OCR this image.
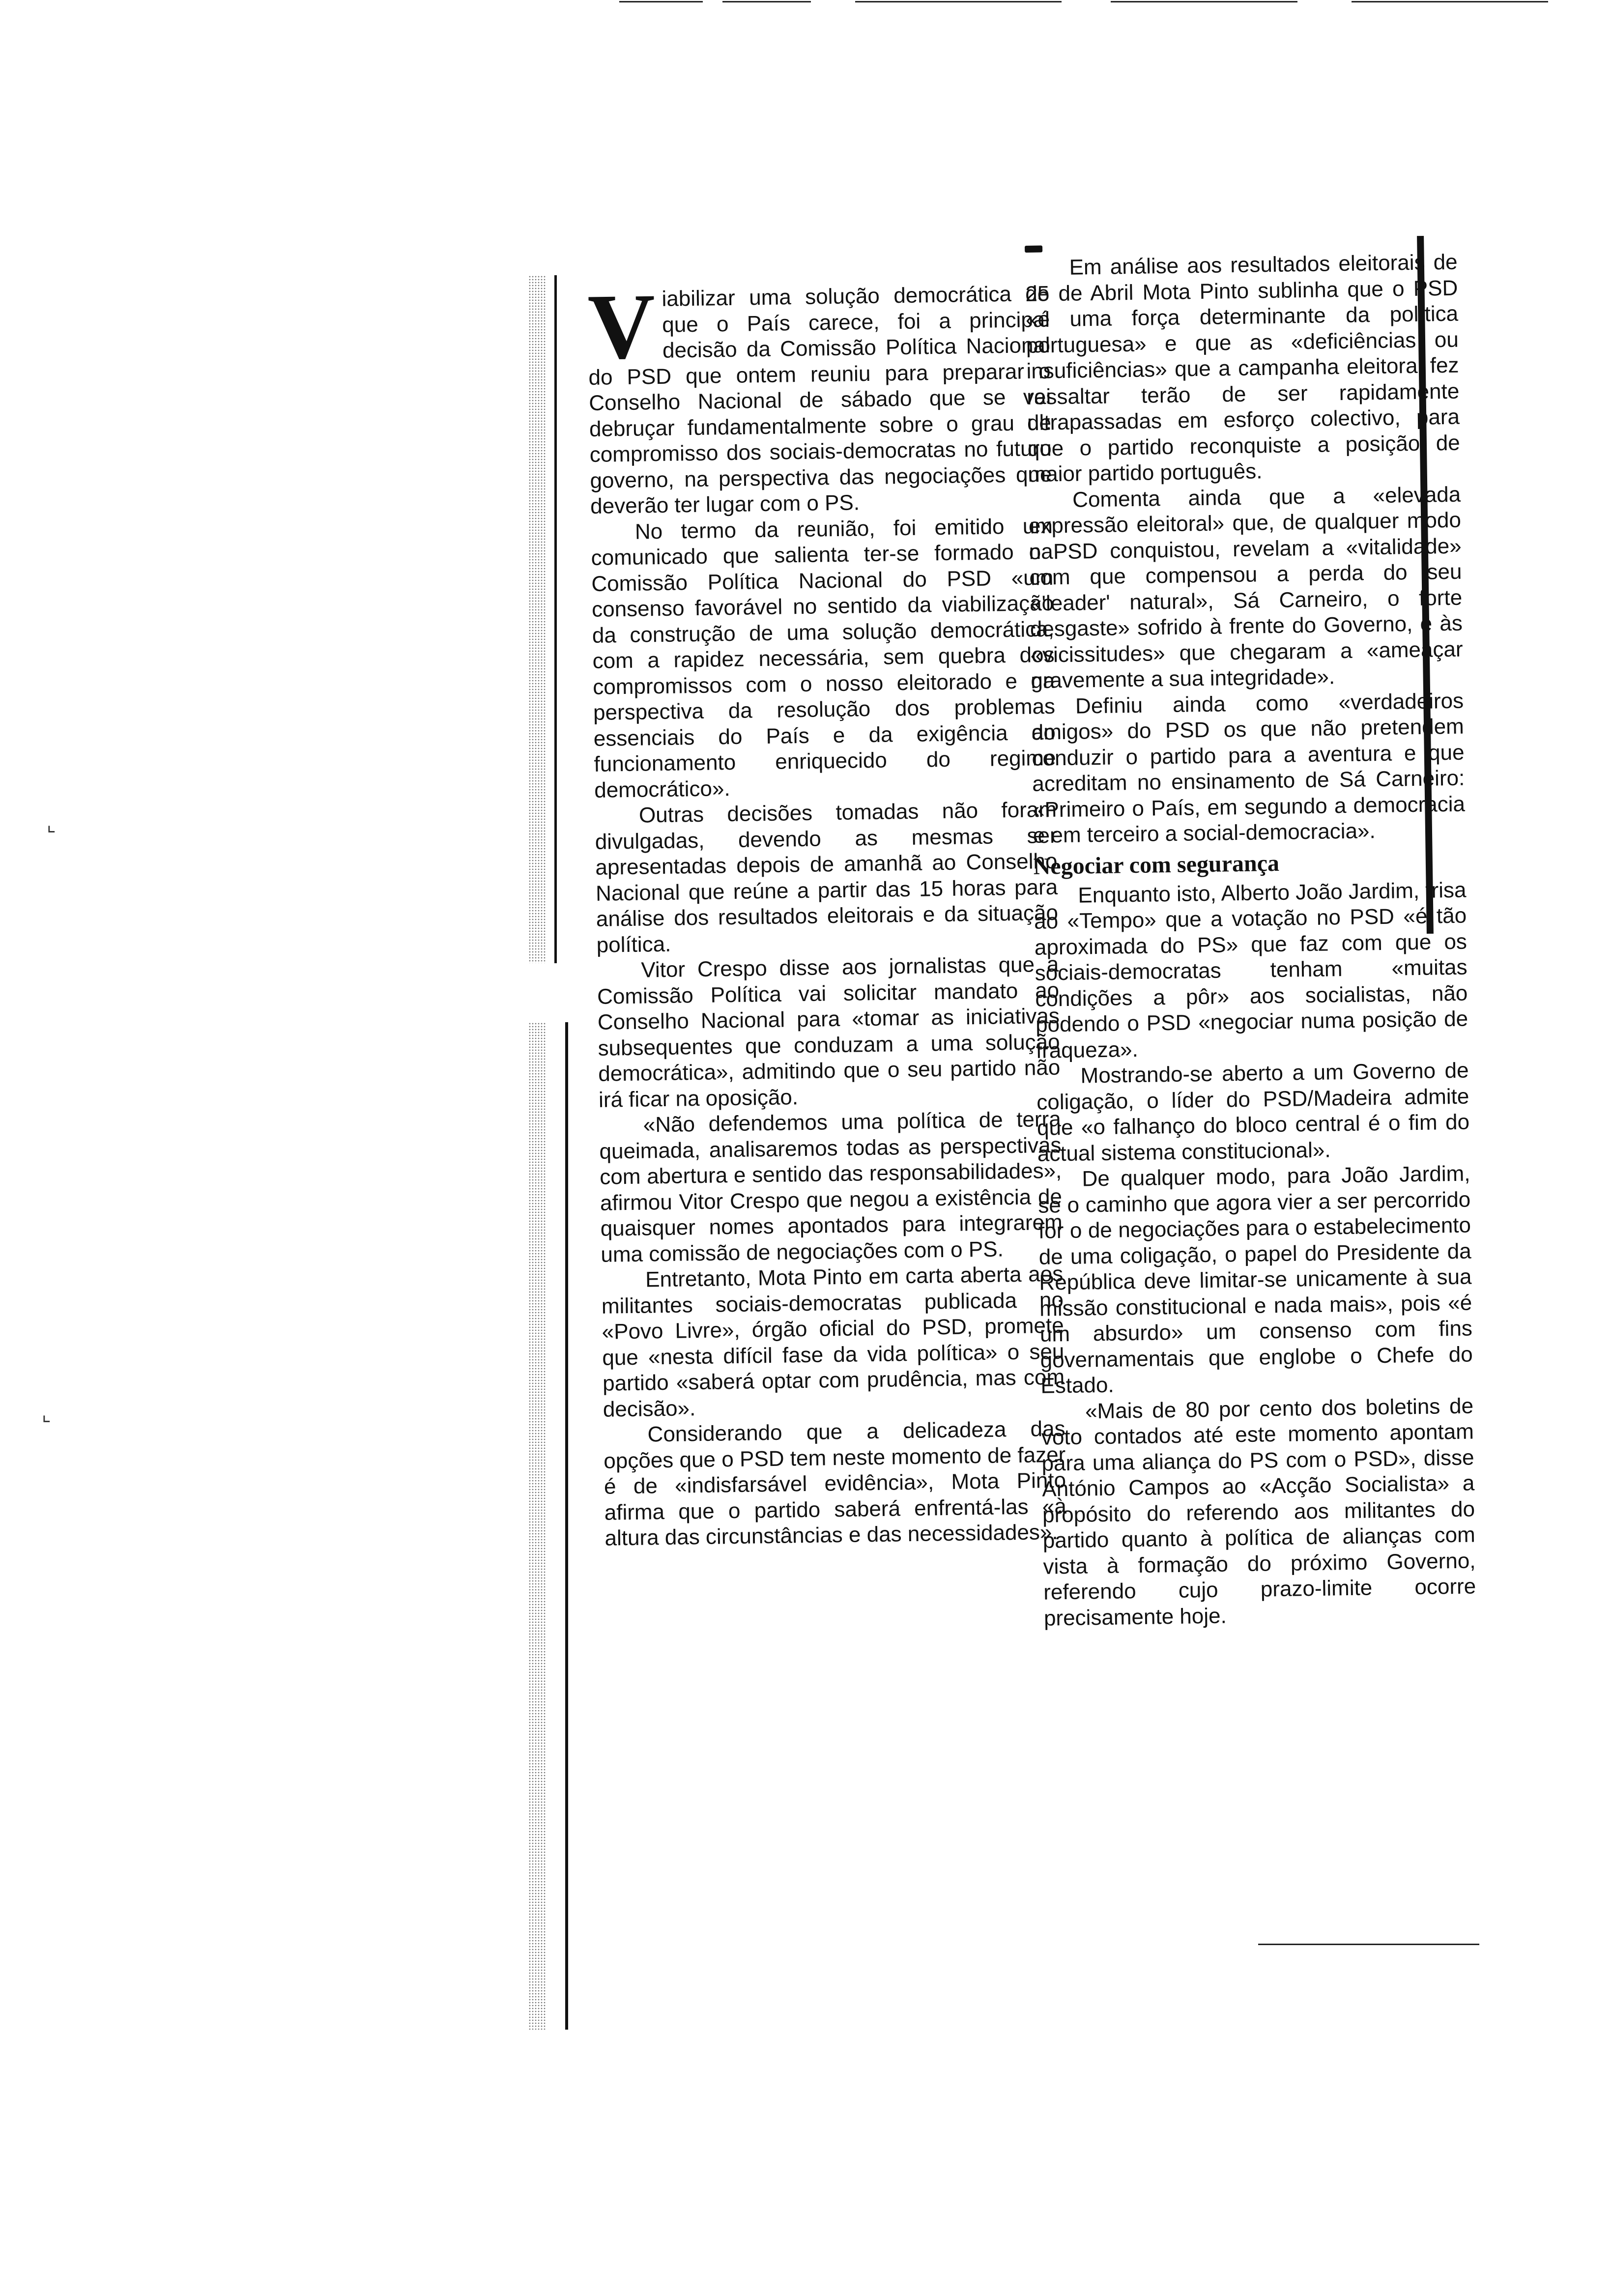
⌞
⌞

Viabilizar uma solução democrática de que o País carece, foi a principal decisão da Comissão Política Nacional do PSD que ontem reuniu para preparar o Conselho Nacional de sábado que se vai debruçar fundamentalmente sobre o grau de compromisso dos sociais-democratas no futuro governo, na perspectiva das negociações que deverão ter lugar com o PS.

No termo da reunião, foi emitido um comunicado que salienta ter-se formado na Comissão Política Nacional do PSD «um consenso favorável no sentido da viabilização da construção de uma solução democrática, com a rapidez necessária, sem quebra dos compromissos com o nosso eleitorado e na perspectiva da resolução dos problemas essenciais do País e da exigência do funcionamento enriquecido do regime democrático».

Outras decisões tomadas não foram divulgadas, devendo as mesmas ser apresentadas depois de amanhã ao Conselho Nacional que reúne a partir das 15 horas para análise dos resultados eleitorais e da situação política.

Vitor Crespo disse aos jornalistas que a Comissão Política vai solicitar mandato ao Conselho Nacional para «tomar as iniciativas subsequentes que conduzam a uma solução democrática», admitindo que o seu partido não irá ficar na oposição.

«Não defendemos uma política de terra queimada, analisaremos todas as perspectivas com abertura e sentido das responsabilidades», afirmou Vitor Crespo que negou a existência de quaisquer nomes apontados para integrarem uma comissão de negociações com o PS.

Entretanto, Mota Pinto em carta aberta aos militantes sociais-democratas publicada no «Povo Livre», órgão oficial do PSD, promete que «nesta difícil fase da vida política» o seu partido «saberá optar com prudência, mas com decisão».

Considerando que a delicadeza das opções que o PSD tem neste momento de fazer é de «indisfarsável evidência», Mota Pinto afirma que o partido saberá enfrentá-las «à altura das circunstâncias e das necessidades».

Em análise aos resultados eleitorais de 25 de Abril Mota Pinto sublinha que o PSD «é uma força determinante da política portuguesa» e que as «deficiências ou insuficiências» que a campanha eleitoral fez ressaltar terão de ser rapidamente ultrapassadas em esforço colectivo, para que o partido reconquiste a posição de maior partido português.

Comenta ainda que a «elevada expressão eleitoral» que, de qualquer modo o PSD conquistou, revelam a «vitalidade» com que compensou a perda do seu «'leader' natural», Sá Carneiro, o forte desgaste» sofrido à frente do Governo, e às «vicissitudes» que chegaram a «ameaçar gravemente a sua integridade».

Definiu ainda como «verdadeiros amigos» do PSD os que não pretendem conduzir o partido para a aventura e que acreditam no ensinamento de Sá Carneiro: «Primeiro o País, em segundo a democracia e em terceiro a social-democracia».

Negociar com segurança

Enquanto isto, Alberto João Jardim, frisa ao «Tempo» que a votação no PSD «é tão aproximada do PS» que faz com que os sociais-democratas tenham «muitas condições a pôr» aos socialistas, não podendo o PSD «negociar numa posição de fraqueza».

Mostrando-se aberto a um Governo de coligação, o líder do PSD/Madeira admite que «o falhanço do bloco central é o fim do actual sistema constitucional».

De qualquer modo, para João Jardim, se o caminho que agora vier a ser percorrido for o de negociações para o estabelecimento de uma coligação, o papel do Presidente da República deve limitar-se unicamente à sua missão constitucional e nada mais», pois «é um absurdo» um consenso com fins governamentais que englobe o Chefe do Estado.

«Mais de 80 por cento dos boletins de voto contados até este momento apontam para uma aliança do PS com o PSD», disse António Campos ao «Acção Socialista» a propósito do referendo aos militantes do partido quanto à política de alianças com vista à formação do próximo Governo, referendo cujo prazo-limite ocorre precisamente hoje.
